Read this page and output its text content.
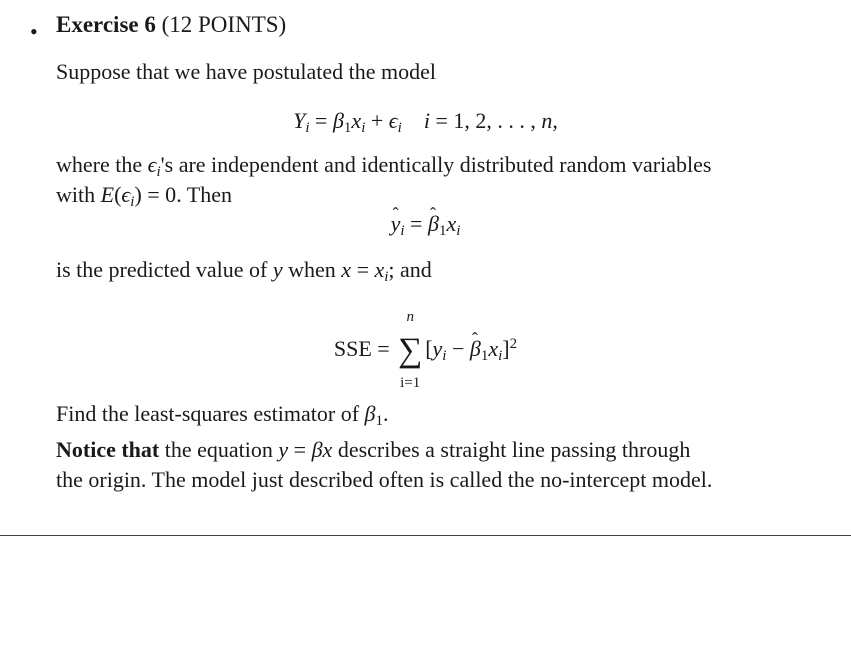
• Exercise 6 (12 POINTS)
Suppose that we have postulated the model
$Y_i = \beta_1x_i + \epsilon_i$ i = 1, 2, . . . , n,
where the $\epsilon_i's$ are independent and identically distributed random variables
with $E(\epsilon_i) = 0$. Then
ˆ $y_i$ = ˆ $\beta_1x_i$
is the predicted value of y when $x = x_i$; and
SSE =
n
∑
i=1
[$y_i$ − ˆ $\beta_1x_i]^2$
Find the least-squares estimator of $\beta_1$.
Notice that the equation y = βx describes a straight line passing through
the origin. The model just described often is called the no-intercept model.
